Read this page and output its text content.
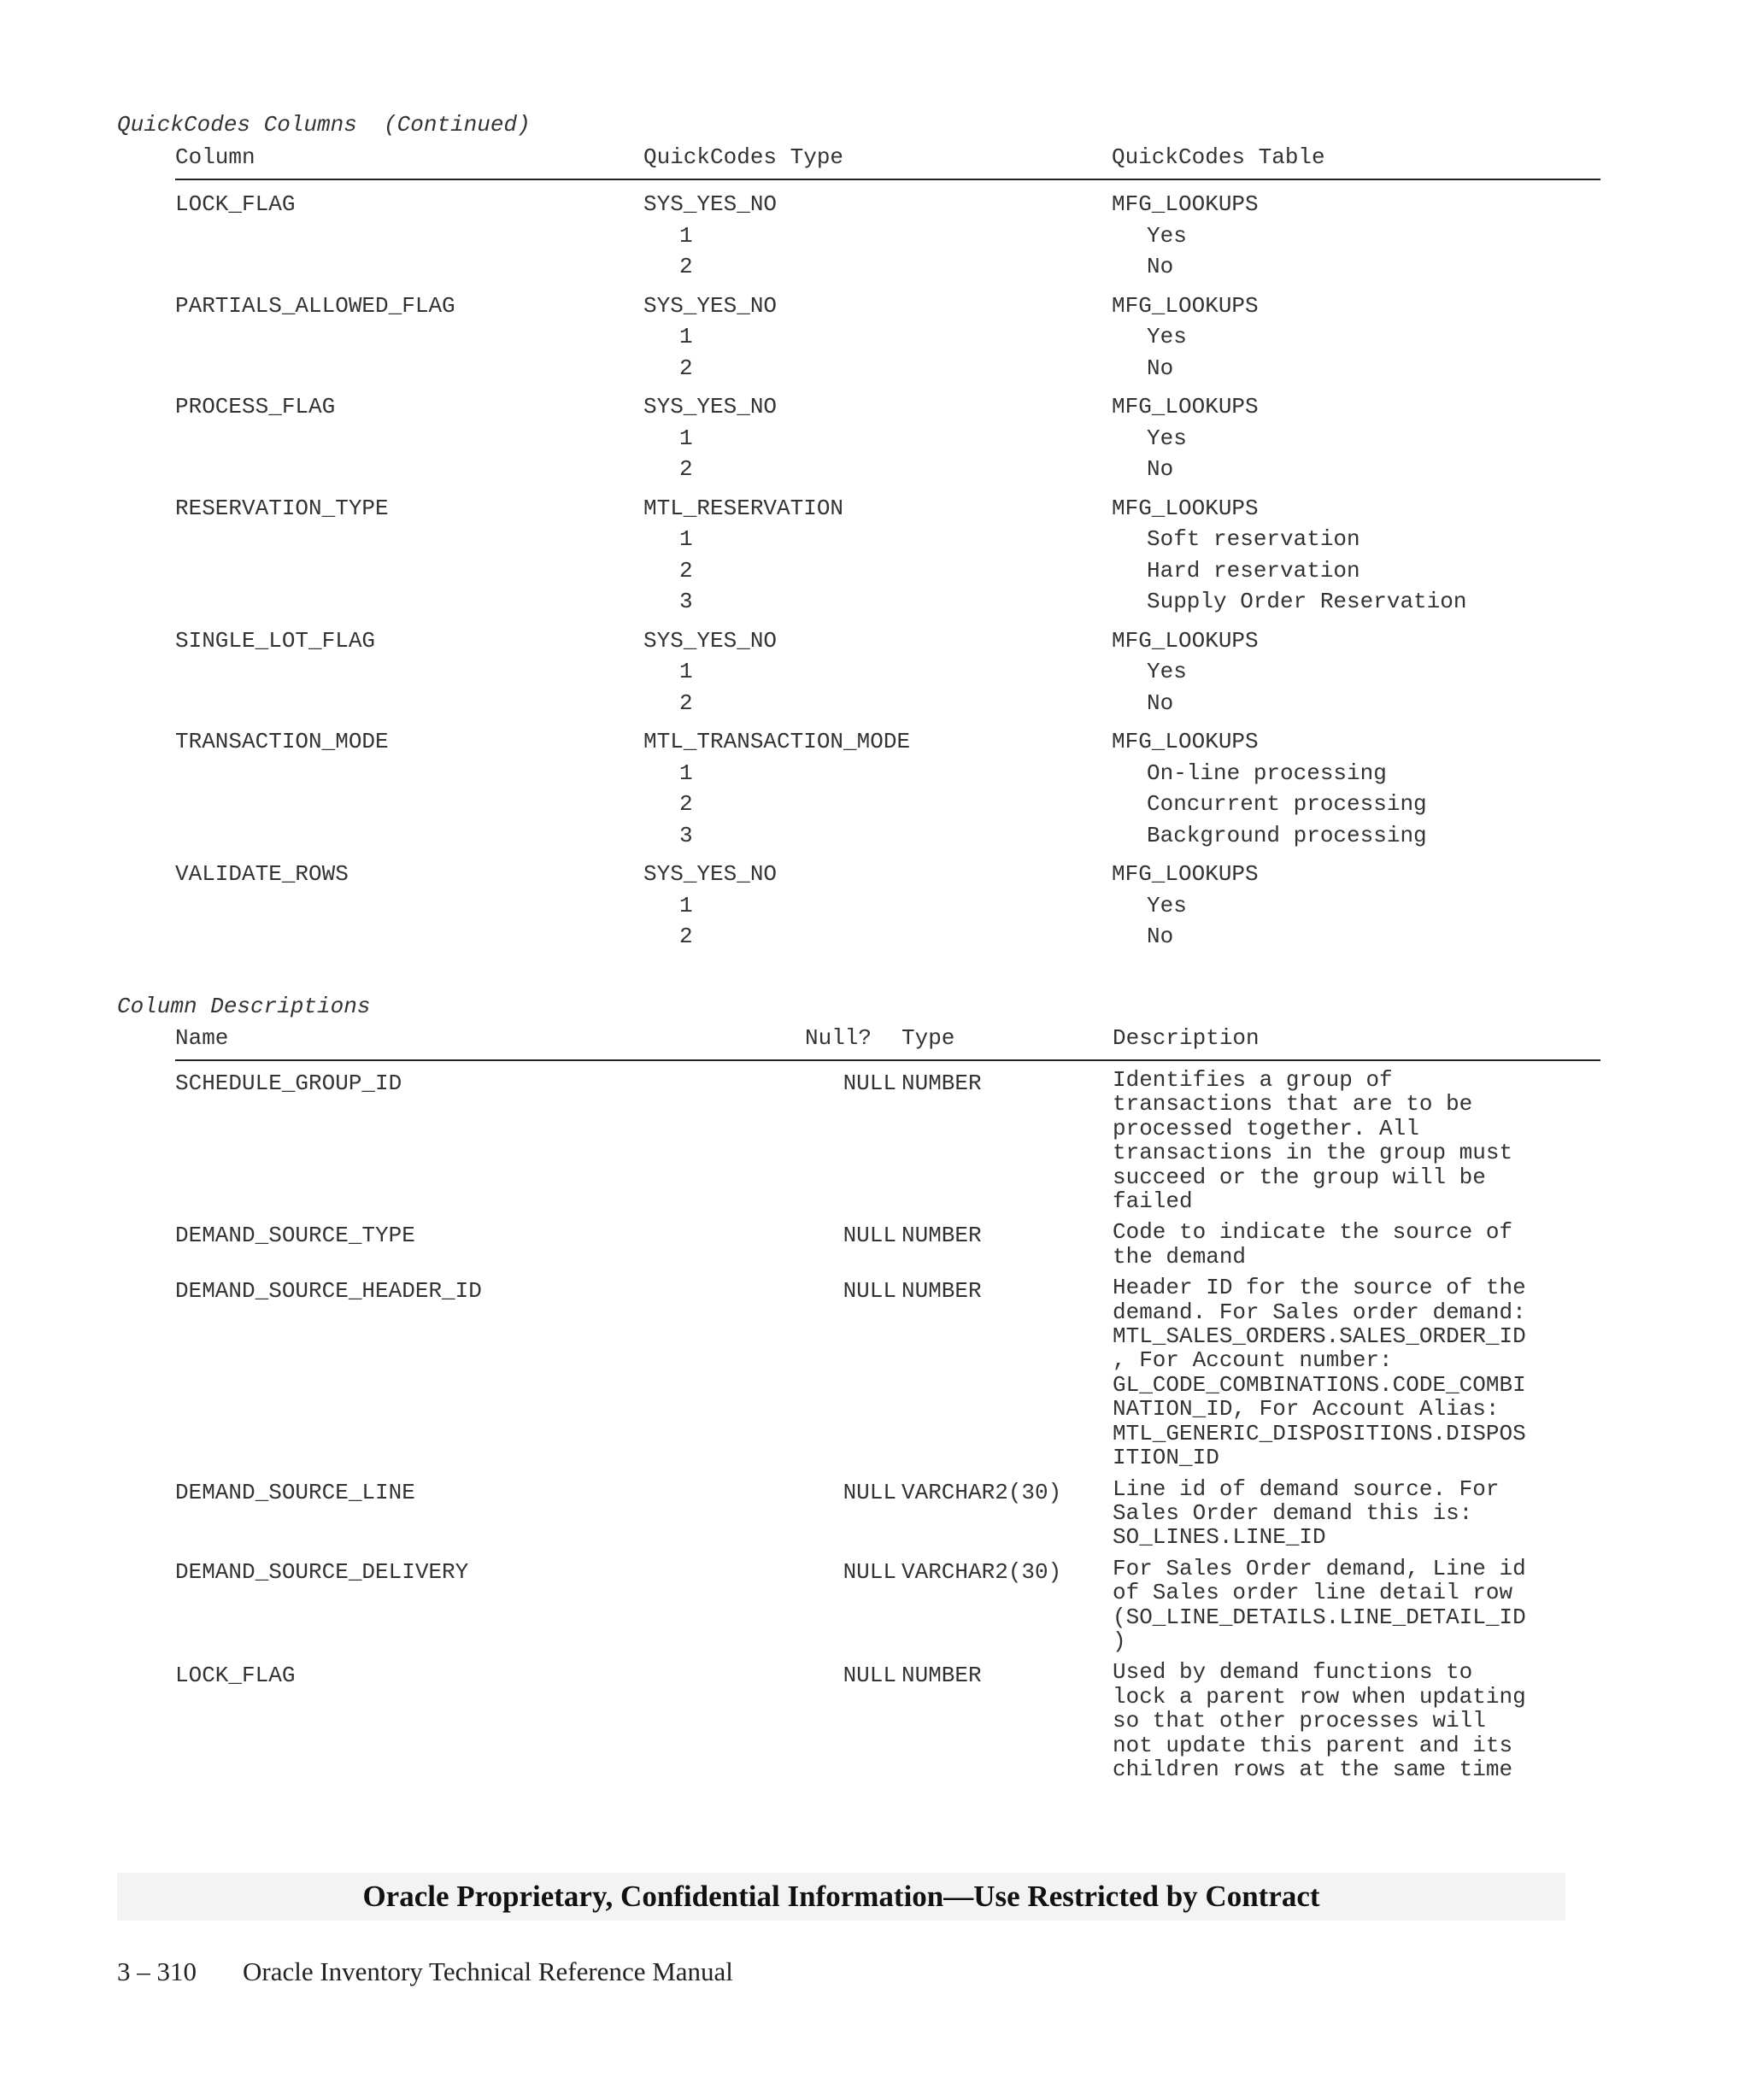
QuickCodes Columns  (Continued)
Column	QuickCodes Type	QuickCodes Table
LOCK_FLAG	SYS_YES_NO	MFG_LOOKUPS
1	Yes
2	No
PARTIALS_ALLOWED_FLAG	SYS_YES_NO	MFG_LOOKUPS
1	Yes
2	No
PROCESS_FLAG	SYS_YES_NO	MFG_LOOKUPS
1	Yes
2	No
RESERVATION_TYPE	MTL_RESERVATION	MFG_LOOKUPS
1	Soft reservation
2	Hard reservation
3	Supply Order Reservation
SINGLE_LOT_FLAG	SYS_YES_NO	MFG_LOOKUPS
1	Yes
2	No
TRANSACTION_MODE	MTL_TRANSACTION_MODE	MFG_LOOKUPS
1	On-line processing
2	Concurrent processing
3	Background processing
VALIDATE_ROWS	SYS_YES_NO	MFG_LOOKUPS
1	Yes
2	No
Column Descriptions
Name	Null? Type	Description
SCHEDULE_GROUP_ID	NULL NUMBER	Identifies a group of
transactions that are to be
processed together. All
transactions in the group must
succeed or the group will be
failed
DEMAND_SOURCE_TYPE	NULL NUMBER	Code to indicate the source of
the demand
DEMAND_SOURCE_HEADER_ID	NULL NUMBER	Header ID for the source of the
demand. For Sales order demand:
MTL_SALES_ORDERS.SALES_ORDER_ID
, For Account number:
GL_CODE_COMBINATIONS.CODE_COMBI
NATION_ID, For Account Alias:
MTL_GENERIC_DISPOSITIONS.DISPOS
ITION_ID
DEMAND_SOURCE_LINE	NULL VARCHAR2(30) Line id of demand source. For
Sales Order demand this is:
SO_LINES.LINE_ID
DEMAND_SOURCE_DELIVERY	NULL VARCHAR2(30) For Sales Order demand, Line id
of Sales order line detail row
(SO_LINE_DETAILS.LINE_DETAIL_ID
)
LOCK_FLAG	NULL NUMBER	Used by demand functions to
lock a parent row when updating
so that other processes will
not update this parent and its
children rows at the same time
Oracle Proprietary, Confidential Information––Use Restricted by Contract
3 – 310 Oracle Inventory Technical Reference Manual
